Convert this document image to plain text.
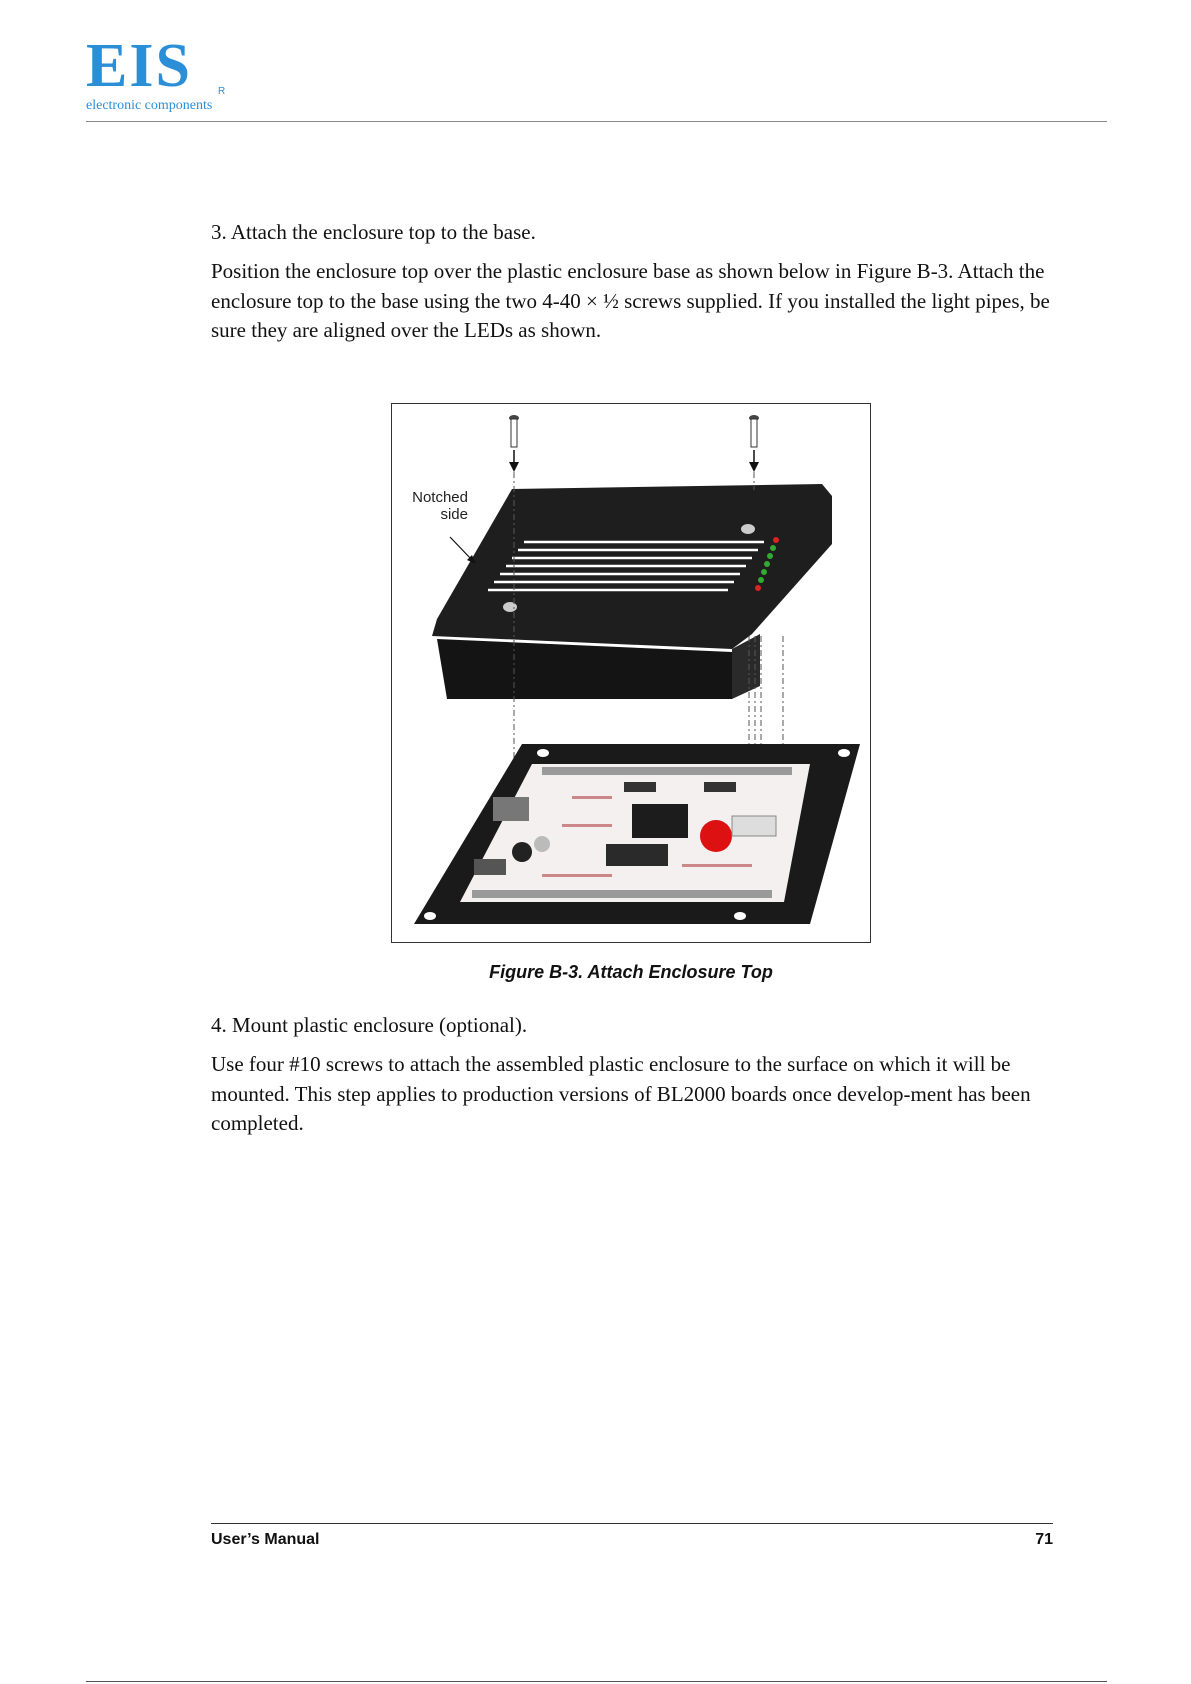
EIS	R
electronic components
3. Attach the enclosure top to the base.

Position the enclosure top over the plastic enclosure base as shown below in Figure B-3. Attach the enclosure top to the base using the two 4-40 × ½ screws supplied. If you installed the light pipes, be sure they are aligned over the LEDs as shown.

Notched
side
Figure B-3. Attach Enclosure Top
4. Mount plastic enclosure (optional).

Use four #10 screws to attach the assembled plastic enclosure to the surface on which it will be mounted. This step applies to production versions of BL2000 boards once develop-ment has been completed.

User’s Manual	71
